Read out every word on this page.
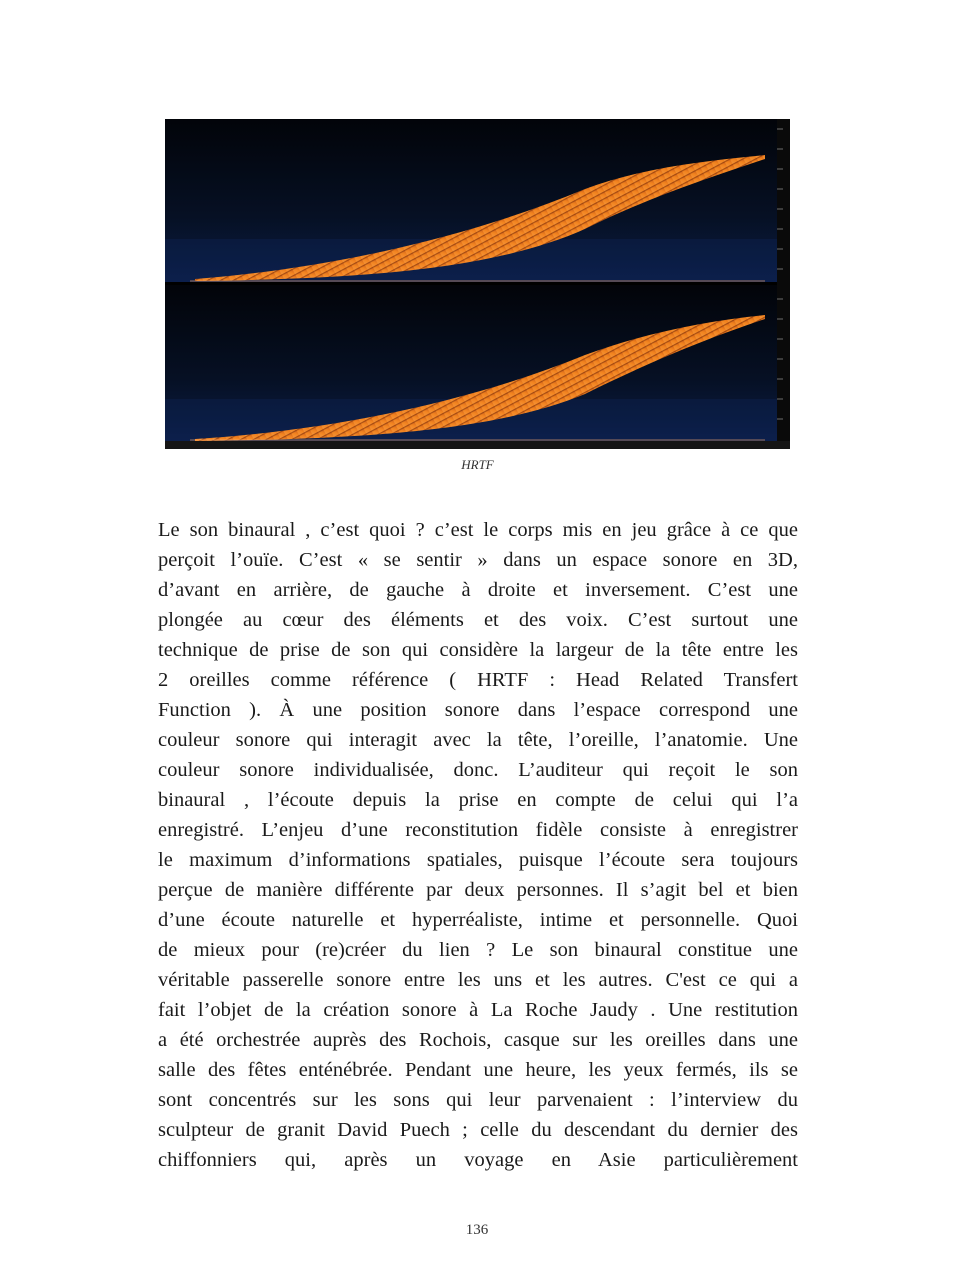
HRTF
Le son binaural , c’est quoi ? c’est le corps mis en jeu grâce à ce que
perçoit l’ouïe. C’est « se sentir » dans un espace sonore en 3D,
d’avant en arrière, de gauche à droite et inversement. C’est une
plongée au cœur des éléments et des voix. C’est surtout une
technique de prise de son qui considère la largeur de la tête entre les
2 oreilles comme référence ( HRTF : Head Related Transfert
Function ). À une position sonore dans l’espace correspond une
couleur sonore qui interagit avec la tête, l’oreille, l’anatomie. Une
couleur sonore individualisée, donc. L’auditeur qui reçoit le son
binaural , l’écoute depuis la prise en compte de celui qui l’a
enregistré. L’enjeu d’une reconstitution fidèle consiste à enregistrer
le maximum d’informations spatiales, puisque l’écoute sera toujours
perçue de manière différente par deux personnes. Il s’agit bel et bien
d’une écoute naturelle et hyperréaliste, intime et personnelle. Quoi
de mieux pour (re)créer du lien ? Le son binaural constitue une
véritable passerelle sonore entre les uns et les autres. C'est ce qui a
fait l’objet de la création sonore à La Roche Jaudy . Une restitution
a été orchestrée auprès des Rochois, casque sur les oreilles dans une
salle des fêtes enténébrée. Pendant une heure, les yeux fermés, ils se
sont concentrés sur les sons qui leur parvenaient : l’interview du
sculpteur de granit David Puech ; celle du descendant du dernier des
chiffonniers qui, après un voyage en Asie particulièrement
136
